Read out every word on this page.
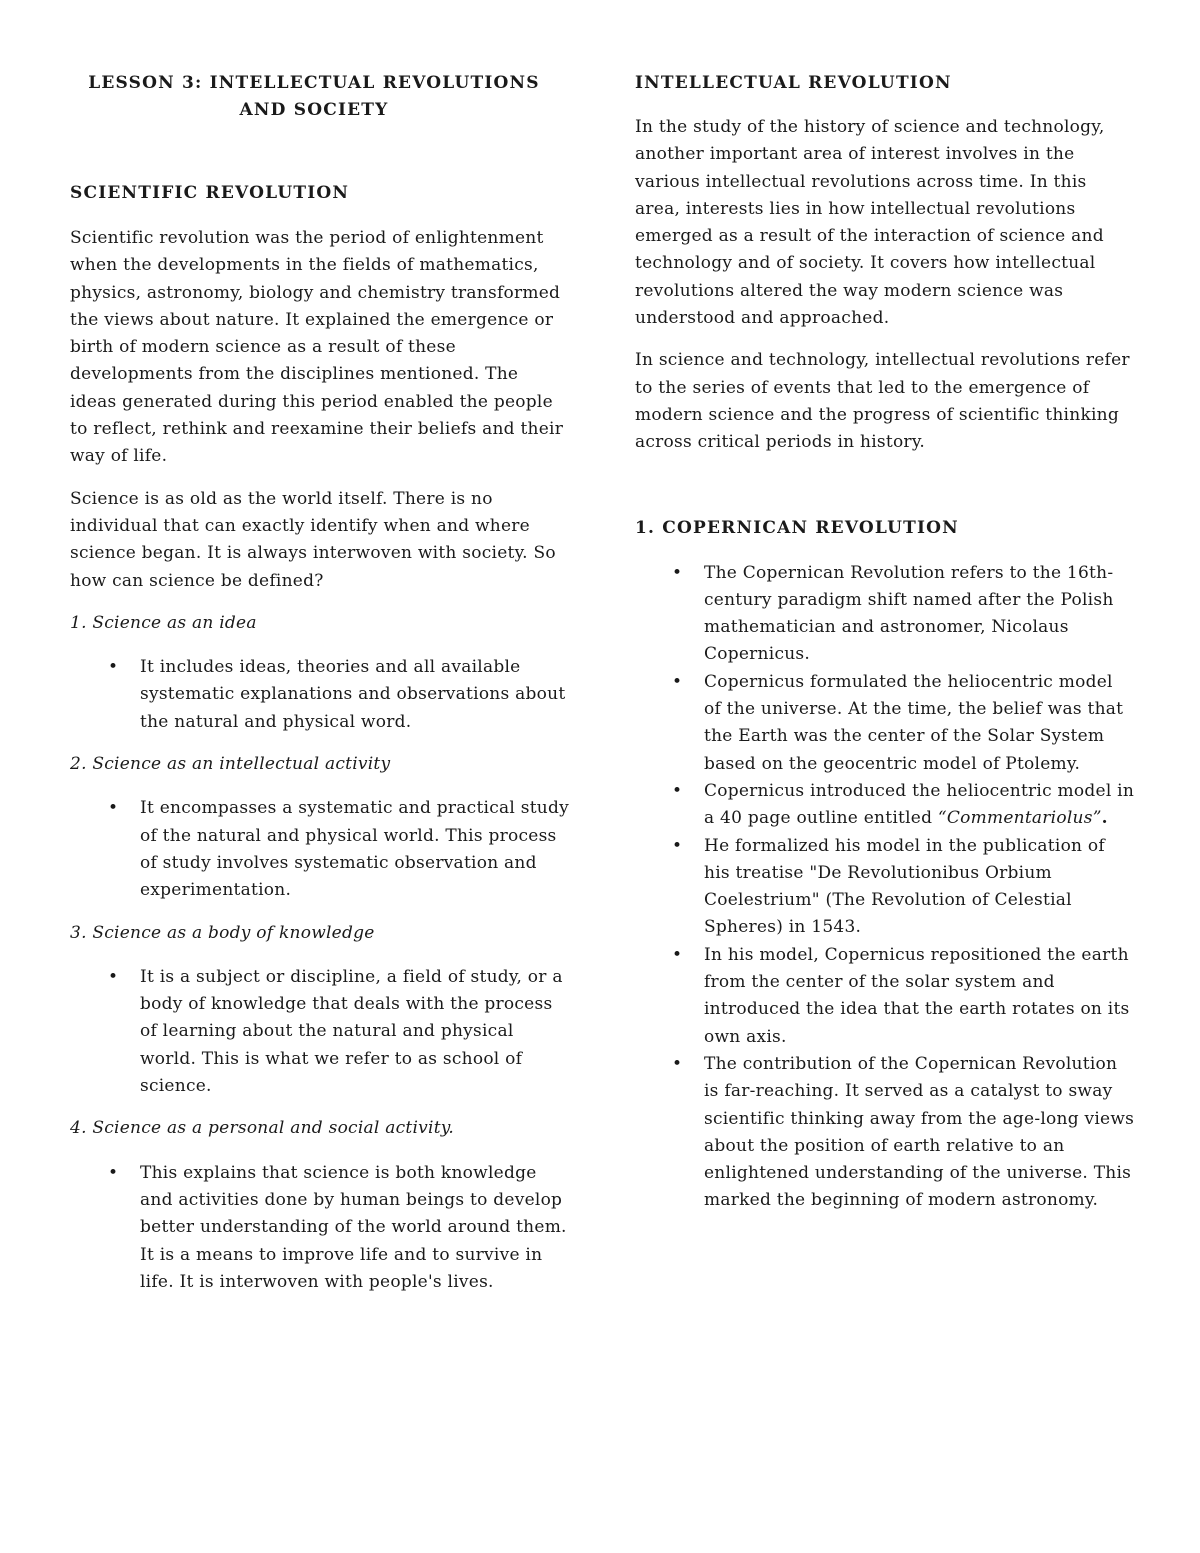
LESSON 3: INTELLECTUAL REVOLUTIONS
AND SOCIETY
SCIENTIFIC REVOLUTION

Scientific revolution was the period of enlightenment when the developments in the fields of mathematics, physics, astronomy, biology and chemistry transformed the views about nature. It explained the emergence or birth of modern science as a result of these developments from the disciplines mentioned. The ideas generated during this period enabled the people to reflect, rethink and reexamine their beliefs and their way of life.

Science is as old as the world itself. There is no individual that can exactly identify when and where science began. It is always interwoven with society. So how can science be defined?

1. Science as an idea

• It includes ideas, theories and all available systematic explanations and observations about the natural and physical word.

2. Science as an intellectual activity

• It encompasses a systematic and practical study of the natural and physical world. This process of study involves systematic observation and experimentation.

3. Science as a body of knowledge

• It is a subject or discipline, a field of study, or a body of knowledge that deals with the process of learning about the natural and physical world. This is what we refer to as school of science.

4. Science as a personal and social activity.

• This explains that science is both knowledge and activities done by human beings to develop better understanding of the world around them. It is a means to improve life and to survive in life. It is interwoven with people's lives.
INTELLECTUAL REVOLUTION

In the study of the history of science and technology, another important area of interest involves in the various intellectual revolutions across time. In this area, interests lies in how intellectual revolutions emerged as a result of the interaction of science and technology and of society. It covers how intellectual revolutions altered the way modern science was understood and approached.

In science and technology, intellectual revolutions refer to the series of events that led to the emergence of modern science and the progress of scientific thinking across critical periods in history.

1. COPERNICAN REVOLUTION
• The Copernican Revolution refers to the 16th-century paradigm shift named after the Polish mathematician and astronomer, Nicolaus Copernicus.
• Copernicus formulated the heliocentric model of the universe. At the time, the belief was that the Earth was the center of the Solar System based on the geocentric model of Ptolemy.
• Copernicus introduced the heliocentric model in a 40 page outline entitled “Commentariolus”.
• He formalized his model in the publication of his treatise "De Revolutionibus Orbium Coelestrium" (The Revolution of Celestial Spheres) in 1543.
• In his model, Copernicus repositioned the earth from the center of the solar system and introduced the idea that the earth rotates on its own axis.
• The contribution of the Copernican Revolution is far-reaching. It served as a catalyst to sway scientific thinking away from the age-long views about the position of earth relative to an enlightened understanding of the universe. This marked the beginning of modern astronomy.
